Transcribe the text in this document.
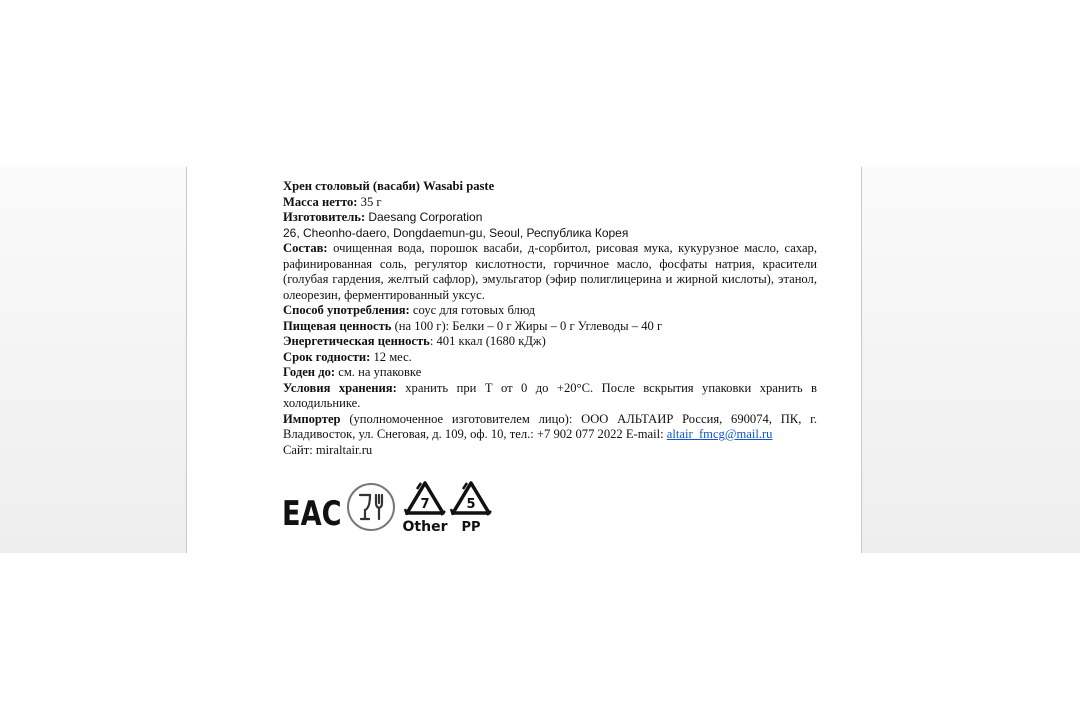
Хрен столовый (васаби) Wasabi paste

Масса нетто: 35 г

Изготовитель: Daesang Corporation

26, Cheonho-daero, Dongdaemun-gu, Seoul, Республика Корея

Состав: очищенная вода, порошок васаби, д-сорбитол, рисовая мука, кукурузное масло, сахар, рафинированная соль, регулятор кислотности, горчичное масло, фосфаты натрия, красители (голубая гардения, желтый сафлор), эмульгатор (эфир полиглицерина и жирной кислоты), этанол, олеорезин, ферментированный уксус.

Способ употребления: соус для готовых блюд

Пищевая ценность (на 100 г): Белки – 0 г Жиры – 0 г Углеводы – 40 г

Энергетическая ценность: 401 ккал (1680 кДж)

Срок годности: 12 мес.

Годен до: см. на упаковке

Условия хранения: хранить при Т от 0 до +20°С. После вскрытия упаковки хранить в холодильнике.

Импортер (уполномоченное изготовителем лицо): ООО АЛЬТАИР Россия, 690074, ПК, г. Владивосток, ул. Снеговая, д. 109, оф. 10, тел.: +7 902 077 2022 E-mail: altair_fmcg@mail.ru

Сайт: miraltair.ru

ЕАС	7
Other
5
PP
